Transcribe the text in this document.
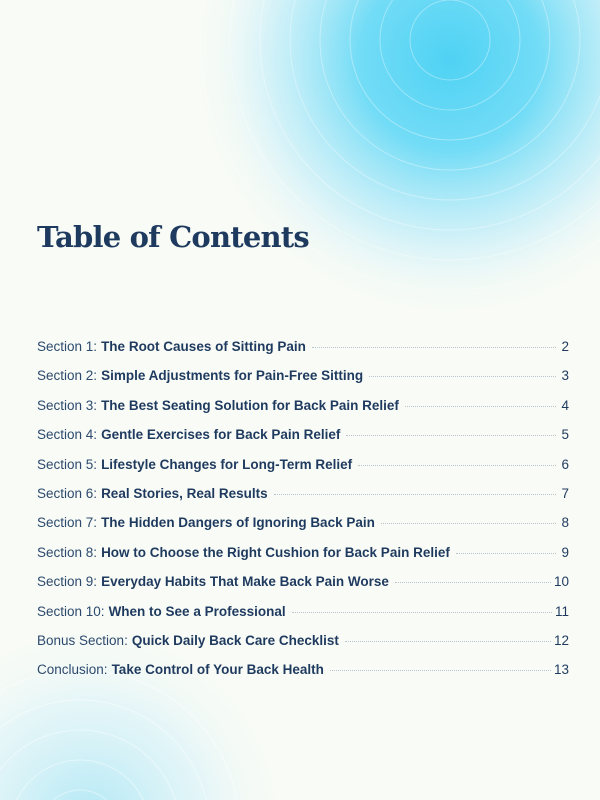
Table of Contents
Section 1 : The Root Causes of Sitting Pain	2
Section 2 : Simple Adjustments for Pain-Free Sitting	3
Section 3 : The Best Seating Solution for Back Pain Relief	4
Section 4 : Gentle Exercises for Back Pain Relief	5
Section 5 : Lifestyle Changes for Long-Term Relief	6
Section 6 : Real Stories, Real Results	7
Section 7 : The Hidden Dangers of Ignoring Back Pain	8
Section 8 : How to Choose the Right Cushion for Back Pain Relief	9
Section 9 : Everyday Habits That Make Back Pain Worse	10
Section 10 : When to See a Professional	11
Bonus Section : Quick Daily Back Care Checklist	12
Conclusion : Take Control of Your Back Health	13
